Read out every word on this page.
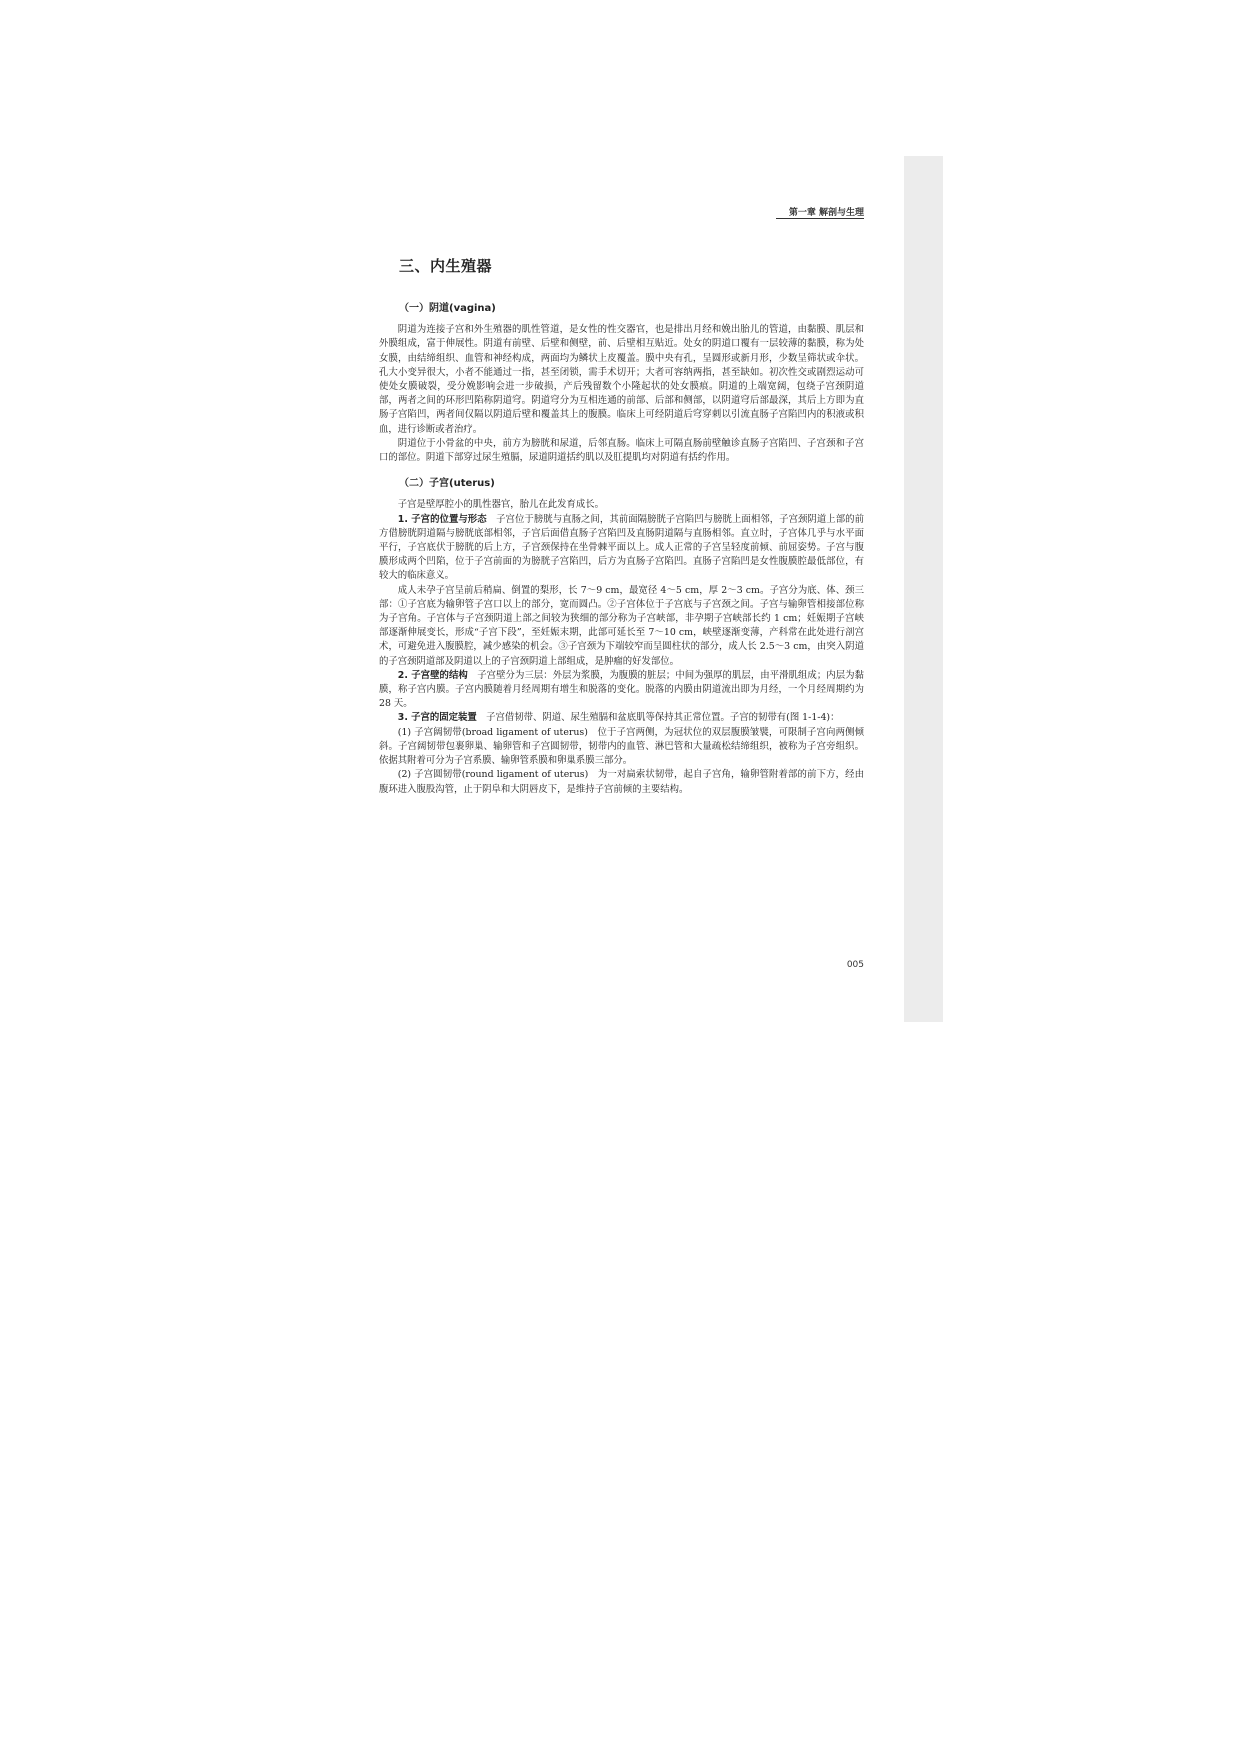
第一章 解剖与生理
三、内生殖器
（一）阴道(vagina)

阴道为连接子宫和外生殖器的肌性管道，是女性的性交器官，也是排出月经和娩出胎儿的管道，由黏膜、肌层和外膜组成，富于伸展性。阴道有前壁、后壁和侧壁，前、后壁相互贴近。处女的阴道口覆有一层较薄的黏膜，称为处女膜，由结缔组织、血管和神经构成，两面均为鳞状上皮覆盖。膜中央有孔，呈圆形或新月形，少数呈筛状或伞状。孔大小变异很大，小者不能通过一指，甚至闭锁，需手术切开；大者可容纳两指，甚至缺如。初次性交或剧烈运动可使处女膜破裂，受分娩影响会进一步破损，产后残留数个小隆起状的处女膜痕。阴道的上端宽阔，包绕子宫颈阴道部，两者之间的环形凹陷称阴道穹。阴道穹分为互相连通的前部、后部和侧部，以阴道穹后部最深，其后上方即为直肠子宫陷凹，两者间仅隔以阴道后壁和覆盖其上的腹膜。临床上可经阴道后穹穿刺以引流直肠子宫陷凹内的积液或积血，进行诊断或者治疗。

阴道位于小骨盆的中央，前方为膀胱和尿道，后邻直肠。临床上可隔直肠前壁触诊直肠子宫陷凹、子宫颈和子宫口的部位。阴道下部穿过尿生殖膈，尿道阴道括约肌以及肛提肌均对阴道有括约作用。

（二）子宫(uterus)

子宫是壁厚腔小的肌性器官，胎儿在此发育成长。

1. 子宫的位置与形态　 子宫位于膀胱与直肠之间，其前面隔膀胱子宫陷凹与膀胱上面相邻，子宫颈阴道上部的前方借膀胱阴道隔与膀胱底部相邻，子宫后面借直肠子宫陷凹及直肠阴道隔与直肠相邻。直立时，子宫体几乎与水平面平行，子宫底伏于膀胱的后上方，子宫颈保持在坐骨棘平面以上。成人正常的子宫呈轻度前倾、前屈姿势。子宫与腹膜形成两个凹陷，位于子宫前面的为膀胱子宫陷凹，后方为直肠子宫陷凹。直肠子宫陷凹是女性腹膜腔最低部位，有较大的临床意义。

成人未孕子宫呈前后稍扁、倒置的梨形，长 7～9 cm，最宽径 4～5 cm，厚 2～3 cm。子宫分为底、体、颈三部：①子宫底为输卵管子宫口以上的部分，宽而圆凸。②子宫体位于子宫底与子宫颈之间。子宫与输卵管相接部位称为子宫角。子宫体与子宫颈阴道上部之间较为狭细的部分称为子宫峡部，非孕期子宫峡部长约 1 cm；妊娠期子宫峡部逐渐伸展变长，形成“子宫下段”，至妊娠末期，此部可延长至 7～10 cm，峡壁逐渐变薄，产科常在此处进行剖宫术，可避免进入腹膜腔，减少感染的机会。③子宫颈为下端较窄而呈圆柱状的部分，成人长 2.5～3 cm，由突入阴道的子宫颈阴道部及阴道以上的子宫颈阴道上部组成，是肿瘤的好发部位。

2. 子宫壁的结构　 子宫壁分为三层：外层为浆膜，为腹膜的脏层；中间为强厚的肌层，由平滑肌组成；内层为黏膜，称子宫内膜。子宫内膜随着月经周期有增生和脱落的变化。脱落的内膜由阴道流出即为月经，一个月经周期约为 28 天。

3. 子宫的固定装置　 子宫借韧带、阴道、尿生殖膈和盆底肌等保持其正常位置。子宫的韧带有(图 1-1-4)：

(1) 子宫阔韧带(broad ligament of uterus)　位于子宫两侧，为冠状位的双层腹膜皱襞，可限制子宫向两侧倾斜。子宫阔韧带包裹卵巢、输卵管和子宫圆韧带，韧带内的血管、淋巴管和大量疏松结缔组织，被称为子宫旁组织。依据其附着可分为子宫系膜、输卵管系膜和卵巢系膜三部分。

(2) 子宫圆韧带(round ligament of uterus)　为一对扁索状韧带，起自子宫角，输卵管附着部的前下方，经由腹环进入腹股沟管，止于阴阜和大阴唇皮下，是维持子宫前倾的主要结构。

005
